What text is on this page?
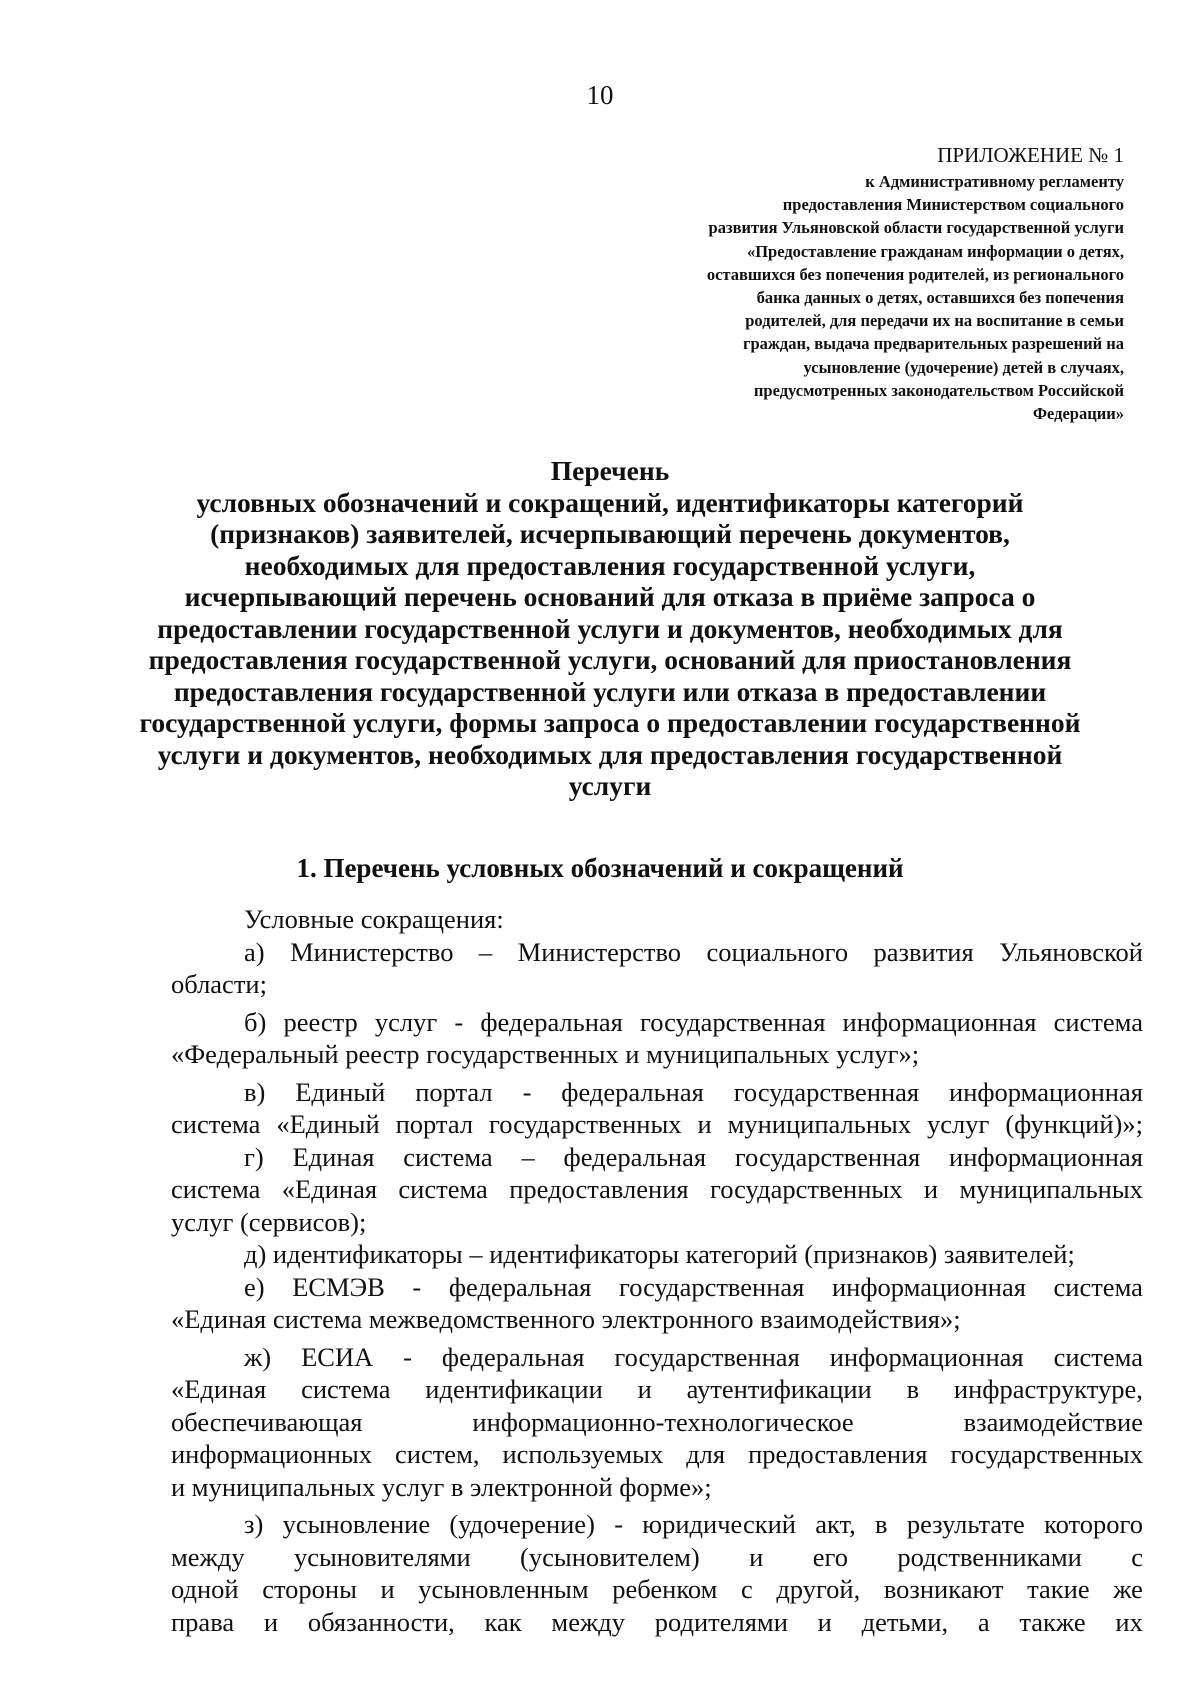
10
ПРИЛОЖЕНИЕ № 1
к Административному регламенту
предоставления Министерством социального
развития Ульяновской области государственной услуги
«Предоставление гражданам информации о детях,
оставшихся без попечения родителей, из регионального
банка данных о детях, оставшихся без попечения
родителей, для передачи их на воспитание в семьи
граждан, выдача предварительных разрешений на
усыновление (удочерение) детей в случаях,
предусмотренных законодательством Российской
Федерации»
Перечень
условных обозначений и сокращений, идентификаторы категорий
(признаков) заявителей, исчерпывающий перечень документов,
необходимых для предоставления государственной услуги,
исчерпывающий перечень оснований для отказа в приёме запроса о
предоставлении государственной услуги и документов, необходимых для
предоставления государственной услуги, оснований для приостановления
предоставления государственной услуги или отказа в предоставлении
государственной услуги, формы запроса о предоставлении государственной
услуги и документов, необходимых для предоставления государственной
услуги
1. Перечень условных обозначений и сокращений
Условные сокращения:
а) Министерство – Министерство социального развития Ульяновской
области;
б) реестр услуг - федеральная государственная информационная система
«Федеральный реестр государственных и муниципальных услуг»;
в) Единый портал - федеральная государственная информационная
система «Единый портал государственных и муниципальных услуг (функций)»;
г) Единая система – федеральная государственная информационная
система «Единая система предоставления государственных и муниципальных
услуг (сервисов);
д) идентификаторы – идентификаторы категорий (признаков) заявителей;
е) ЕСМЭВ - федеральная государственная информационная система
«Единая система межведомственного электронного взаимодействия»;
ж) ЕСИА - федеральная государственная информационная система
«Единая система идентификации и аутентификации в инфраструктуре,
обеспечивающая	информационно-технологическое	взаимодействие
информационных систем, используемых для предоставления государственных
и муниципальных услуг в электронной форме»;
з) усыновление (удочерение) - юридический акт, в результате которого
между усыновителями (усыновителем) и его родственниками с
одной стороны и усыновленным ребенком с другой, возникают такие же
права и обязанности, как между родителями и детьми, а также их
